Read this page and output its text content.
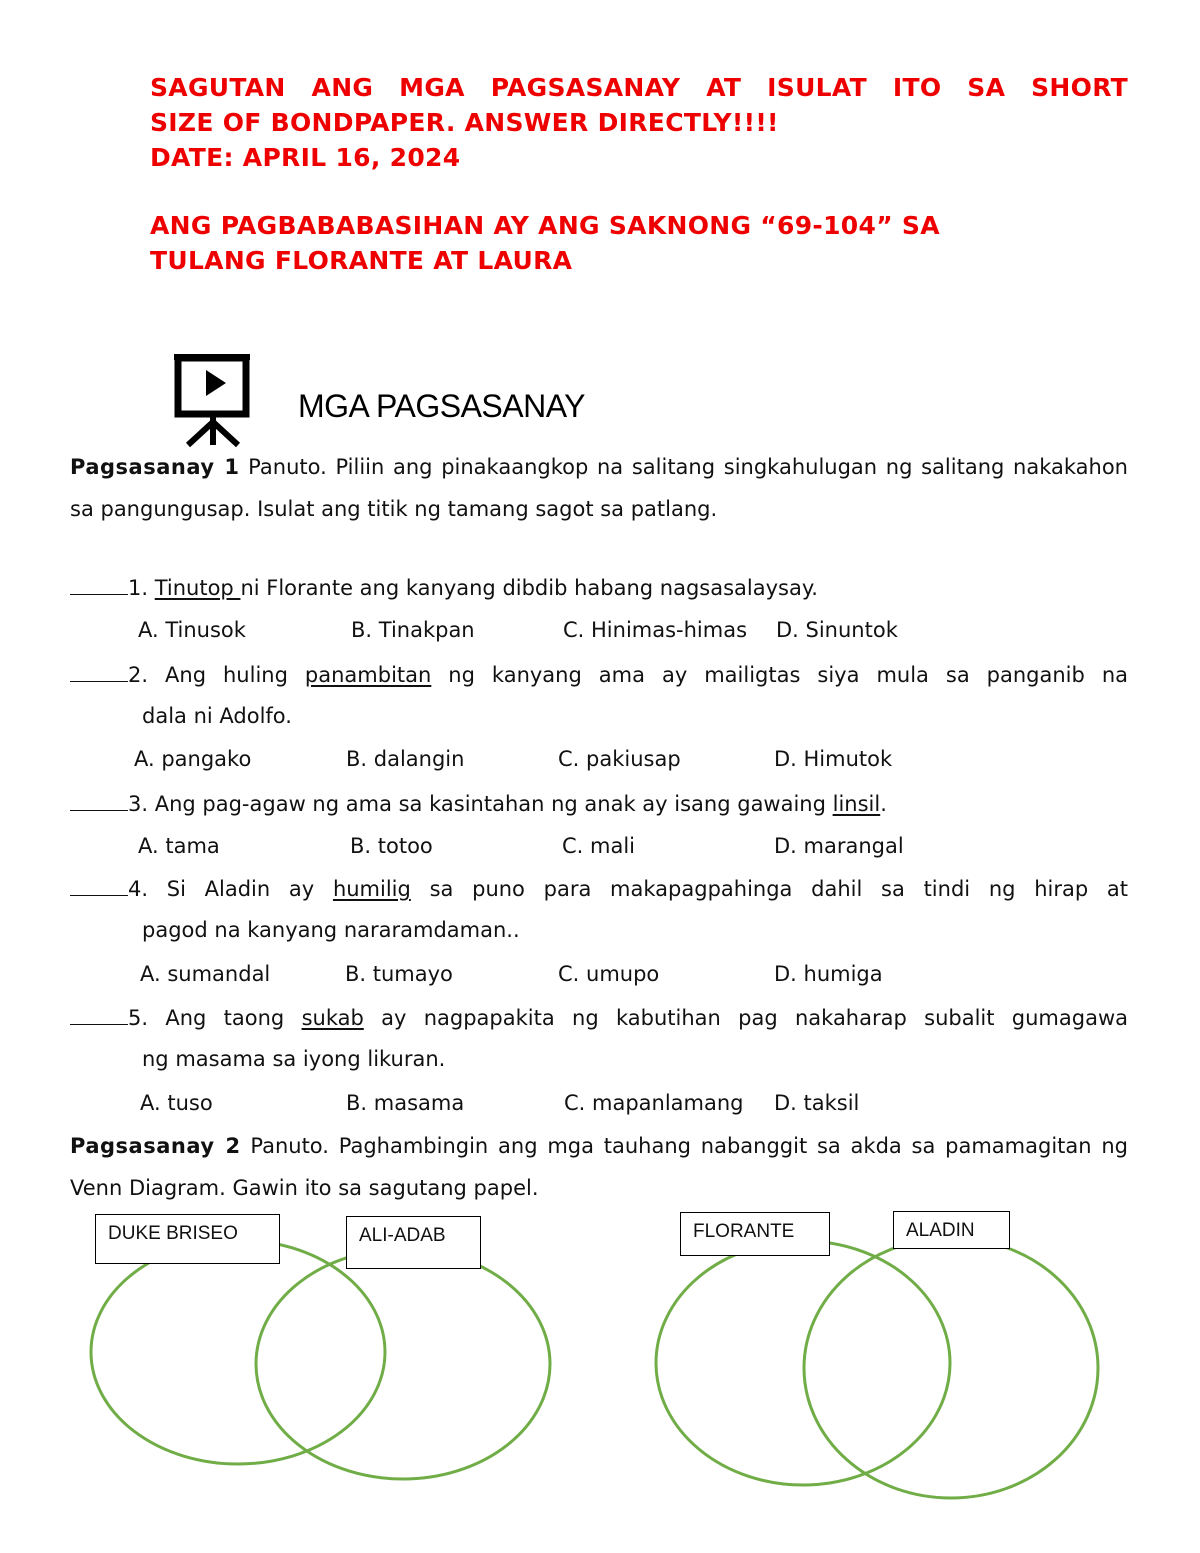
SAGUTAN ANG MGA PAGSASANAY AT ISULAT ITO SA SHORT
SIZE OF BONDPAPER. ANSWER DIRECTLY!!!!
DATE: APRIL 16, 2024
ANG PAGBABABASIHAN AY ANG SAKNONG “69-104” SA
TULANG FLORANTE AT LAURA
MGA PAGSASANAY
Pagsasanay 1 Panuto. Piliin ang pinakaangkop na salitang singkahulugan ng salitang nakakahon sa pangungusap. Isulat ang titik ng tamang sagot sa patlang.
1. Tinutop ni Florante ang kanyang dibdib habang nagsasalaysay.
A. Tinusok	B. Tinakpan	C. Hinimas-himas D. Sinuntok
2. Ang huling panambitan ng kanyang ama ay mailigtas siya mula sa panganib na
dala ni Adolfo.
A. pangako	B. dalangin	C. pakiusap	D. Himutok
3. Ang pag-agaw ng ama sa kasintahan ng anak ay isang gawaing linsil.
A. tama	B. totoo	C. mali	D. marangal
4. Si Aladin ay humilig sa puno para makapagpahinga dahil sa tindi ng hirap at
pagod na kanyang nararamdaman..
A. sumandal	B. tumayo	C. umupo	D. humiga
5. Ang taong sukab ay nagpapakita ng kabutihan pag nakaharap subalit gumagawa
ng masama sa iyong likuran.
A. tuso	B. masama	C. mapanlamang D. taksil
Pagsasanay 2 Panuto. Paghambingin ang mga tauhang nabanggit sa akda sa pamamagitan ng Venn Diagram. Gawin ito sa sagutang papel.
DUKE BRISEO	ALI-ADAB	FLORANTE	ALADIN
